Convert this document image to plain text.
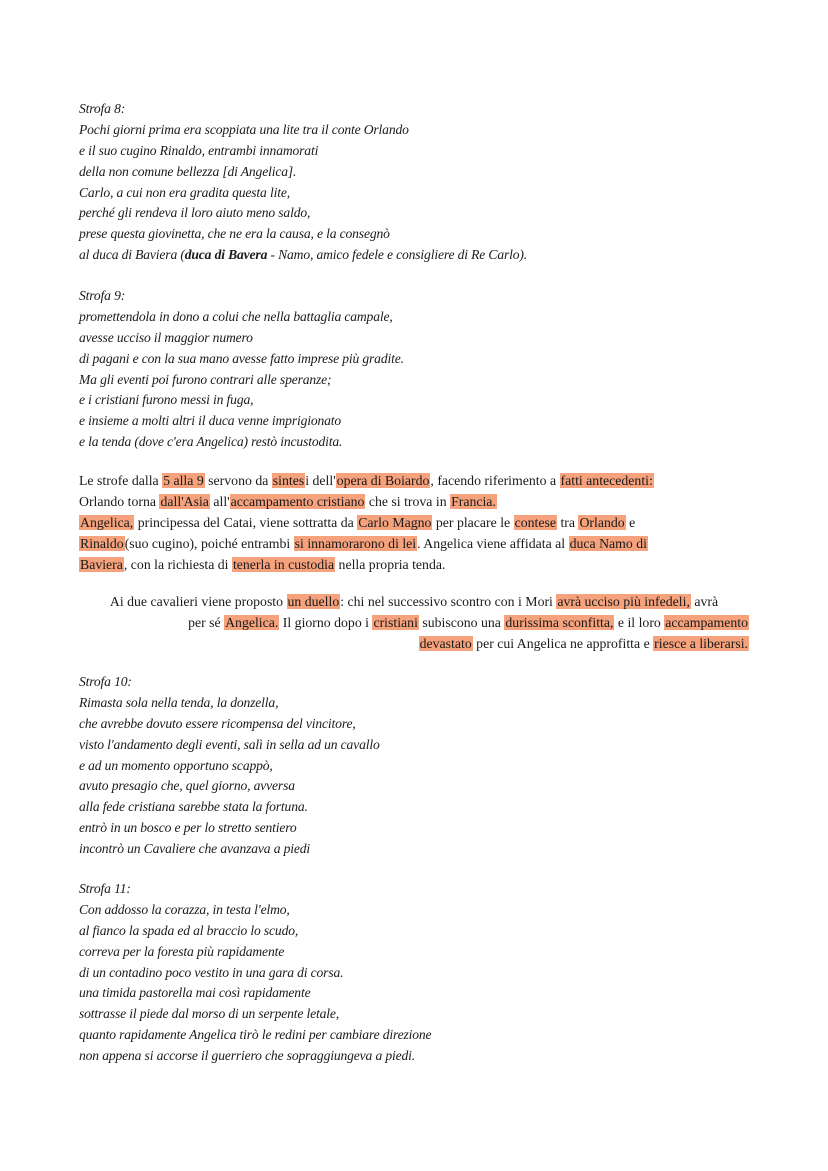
Strofa 8:
Pochi giorni prima era scoppiata una lite tra il conte Orlando
e il suo cugino Rinaldo, entrambi innamorati
della non comune bellezza [di Angelica].
Carlo, a cui non era gradita questa lite,
perché gli rendeva il loro aiuto meno saldo,
prese questa giovinetta, che ne era la causa, e la consegnò
al duca di Baviera (duca di Bavera - Namo, amico fedele e consigliere di Re Carlo).
Strofa 9:
promettendola in dono a colui che nella battaglia campale,
avesse ucciso il maggior numero
di pagani e con la sua mano avesse fatto imprese più gradite.
Ma gli eventi poi furono contrari alle speranze;
e i cristiani furono messi in fuga,
e insieme a molti altri il duca venne imprigionato
e la tenda (dove c'era Angelica) restò incustodita.
Le strofe dalla 5 alla 9 servono da sintesi dell'opera di Boiardo, facendo riferimento a fatti antecedenti:
Orlando torna dall'Asia all'accampamento cristiano che si trova in Francia.
Angelica, principessa del Catai, viene sottratta da Carlo Magno per placare le contese tra Orlando e
Rinaldo(suo cugino), poiché entrambi si innamorarono di lei. Angelica viene affidata al duca Namo di
Baviera, con la richiesta di tenerla in custodia nella propria tenda.
Ai due cavalieri viene proposto un duello: chi nel successivo scontro con i Mori avrà ucciso più infedeli, avrà
per sé Angelica. Il giorno dopo i cristiani subiscono una durissima sconfitta, e il loro accampamento
devastato per cui Angelica ne approfitta e riesce a liberarsi.
Strofa 10:
Rimasta sola nella tenda, la donzella,
che avrebbe dovuto essere ricompensa del vincitore,
visto l'andamento degli eventi, salì in sella ad un cavallo
e ad un momento opportuno scappò,
avuto presagio che, quel giorno, avversa
alla fede cristiana sarebbe stata la fortuna.
entrò in un bosco e per lo stretto sentiero
incontrò un Cavaliere che avanzava a piedi
Strofa 11:
Con addosso la corazza, in testa l'elmo,
al fianco la spada ed al braccio lo scudo,
correva per la foresta più rapidamente
di un contadino poco vestito in una gara di corsa.
una timida pastorella mai così rapidamente
sottrasse il piede dal morso di un serpente letale,
quanto rapidamente Angelica tirò le redini per cambiare direzione
non appena si accorse il guerriero che sopraggiungeva a piedi.
